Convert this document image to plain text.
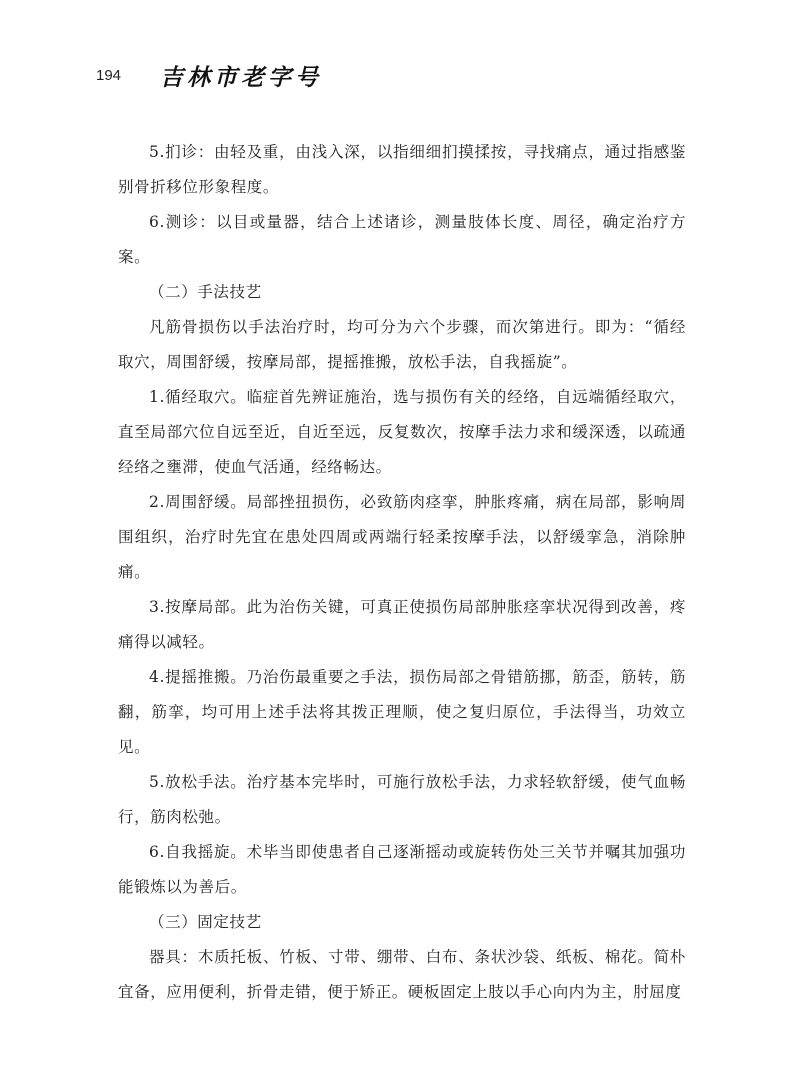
194	吉林市老字号

5.扪诊：由轻及重，由浅入深，以指细细扪摸揉按，寻找痛点，通过指感鉴别骨折移位形象程度。

6.测诊：以目或量器，结合上述诸诊，测量肢体长度、周径，确定治疗方案。

（二）手法技艺

凡筋骨损伤以手法治疗时，均可分为六个步骤，而次第进行。即为：“循经取穴，周围舒缓，按摩局部，提摇推搬，放松手法，自我摇旋”。

1.循经取穴。临症首先辨证施治，选与损伤有关的经络，自远端循经取穴，直至局部穴位自远至近，自近至远，反复数次，按摩手法力求和缓深透，以疏通经络之壅滞，使血气活通，经络畅达。

2.周围舒缓。局部挫扭损伤，必致筋肉痉挛，肿胀疼痛，病在局部，影响周围组织，治疗时先宜在患处四周或两端行轻柔按摩手法，以舒缓挛急，消除肿痛。

3.按摩局部。此为治伤关键，可真正使损伤局部肿胀痉挛状况得到改善，疼痛得以减轻。

4.提摇推搬。乃治伤最重要之手法，损伤局部之骨错筋挪，筋歪，筋转，筋翻，筋挛，均可用上述手法将其拨正理顺，使之复归原位，手法得当，功效立见。

5.放松手法。治疗基本完毕时，可施行放松手法，力求轻软舒缓，使气血畅行，筋肉松弛。

6.自我摇旋。术毕当即使患者自己逐渐摇动或旋转伤处三关节并嘱其加强功能锻炼以为善后。

（三）固定技艺

器具：木质托板、竹板、寸带、绷带、白布、条状沙袋、纸板、棉花。简朴宜备，应用便利，折骨走错，便于矫正。硬板固定上肢以手心向内为主，肘屈度
